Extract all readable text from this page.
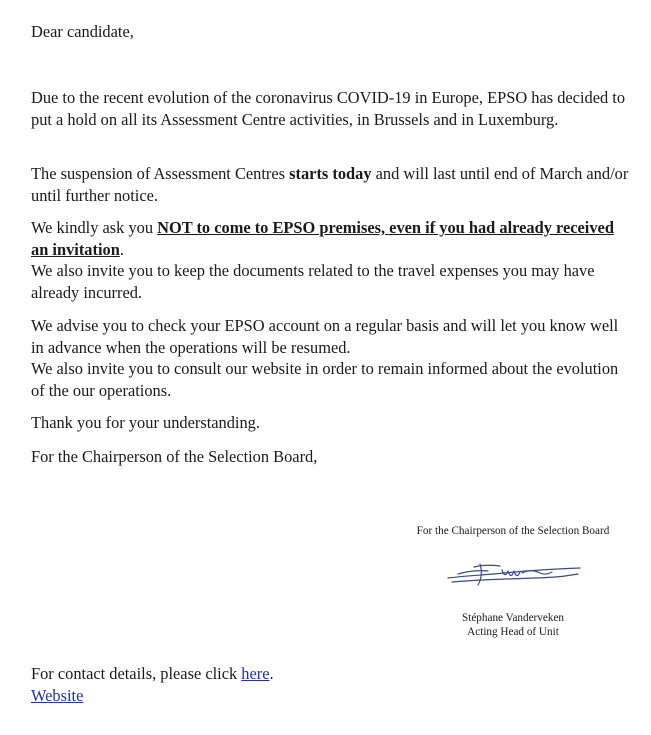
Dear candidate,

Due to the recent evolution of the coronavirus COVID-19 in Europe, EPSO has decided to put a hold on all its Assessment Centre activities, in Brussels and in Luxemburg.

The suspension of Assessment Centres starts today and will last until end of March and/or until further notice.

We kindly ask you NOT to come to EPSO premises, even if you had already received an invitation.
We also invite you to keep the documents related to the travel expenses you may have already incurred.

We advise you to check your EPSO account on a regular basis and will let you know well in advance when the operations will be resumed.
We also invite you to consult our website in order to remain informed about the evolution of the our operations.

Thank you for your understanding.

For the Chairperson of the Selection Board,

For the Chairperson of the Selection Board
Stéphane Vanderveken
Acting Head of Unit

For contact details, please click here.

Website
